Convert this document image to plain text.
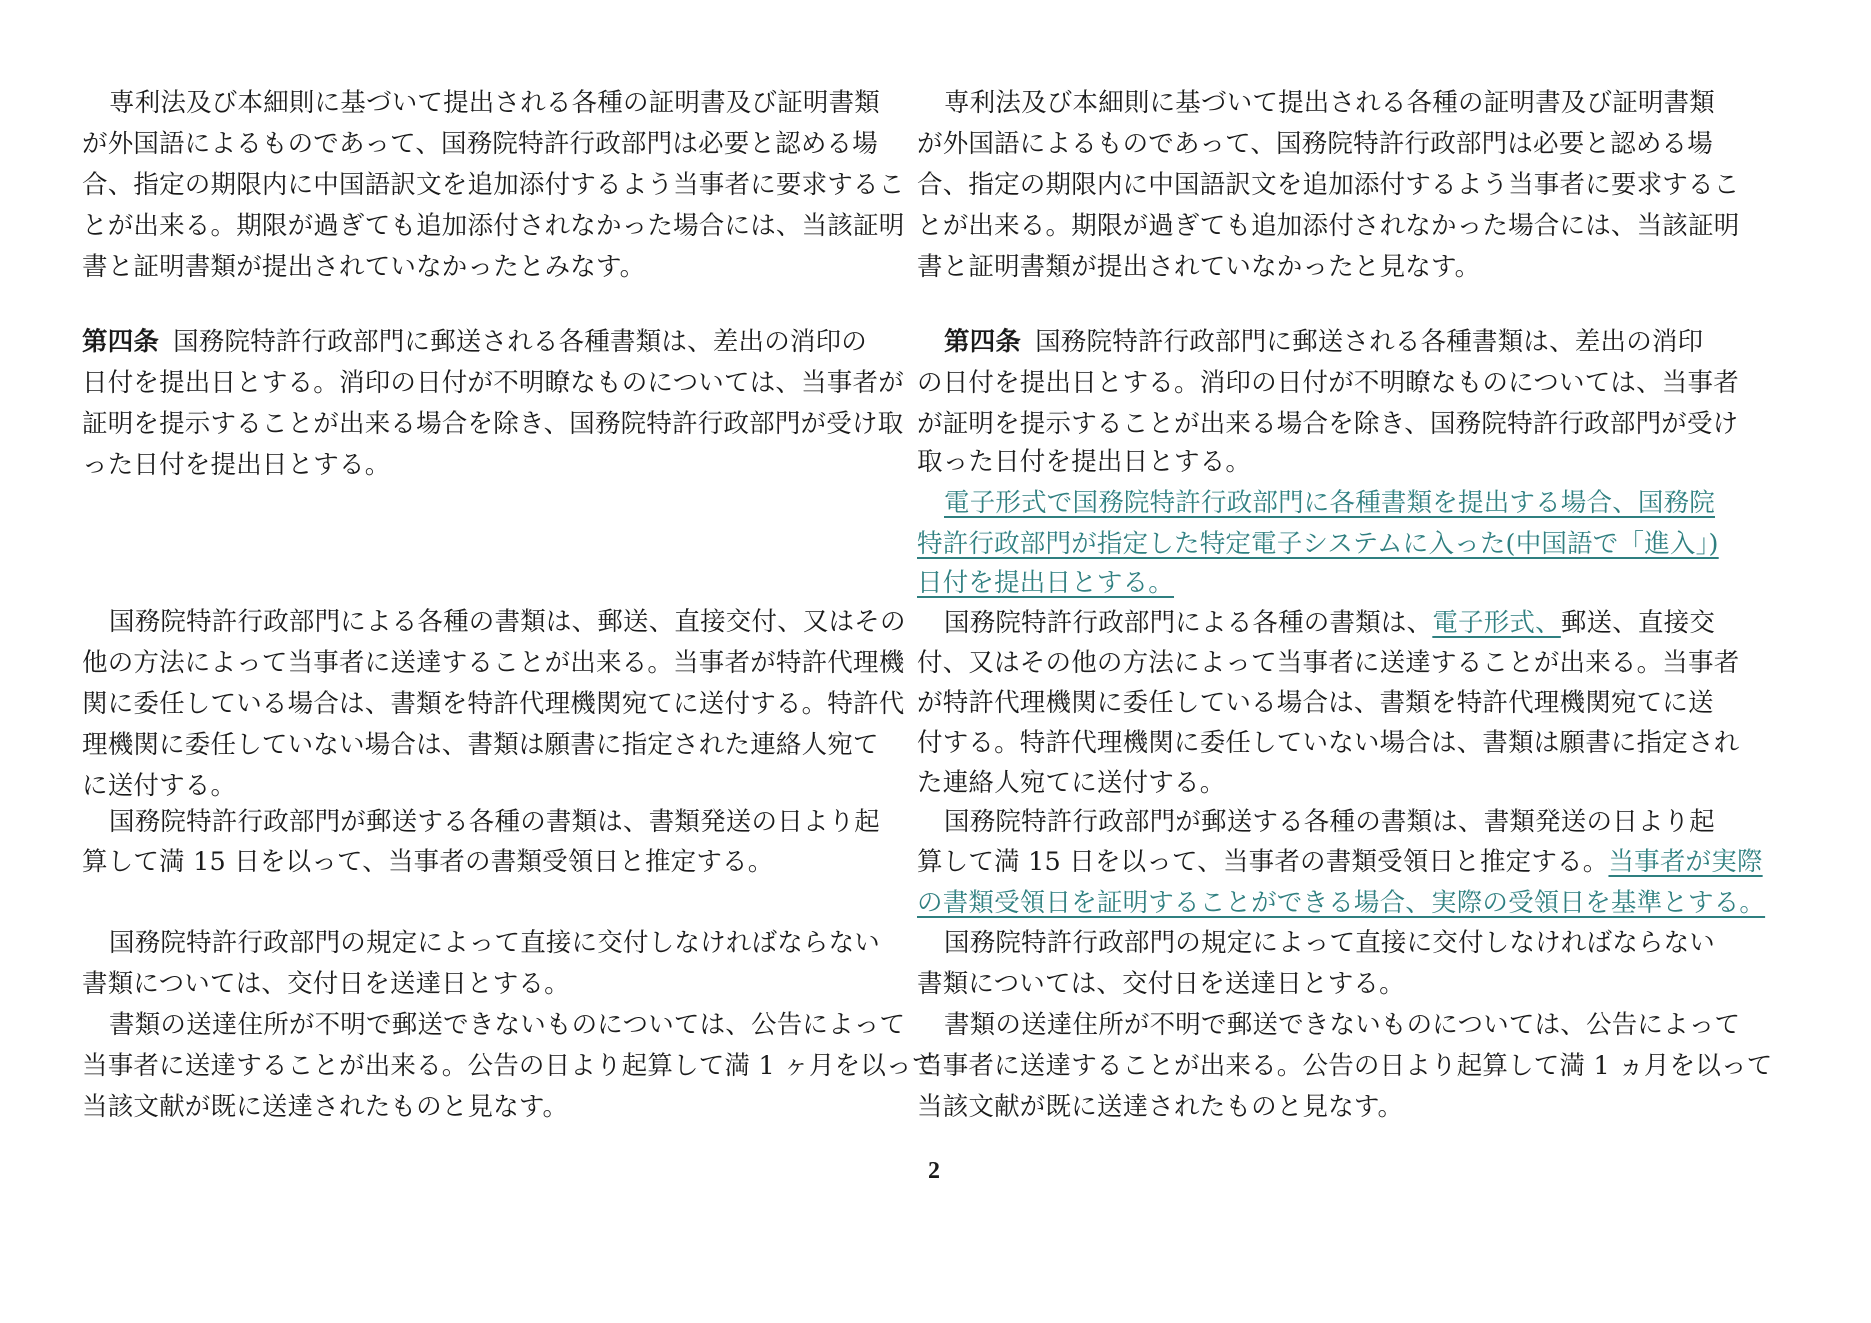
専利法及び本細則に基づいて提出される各種の証明書及び証明書類
が外国語によるものであって、国務院特許行政部門は必要と認める場
合、指定の期限内に中国語訳文を追加添付するよう当事者に要求するこ
とが出来る。期限が過ぎても追加添付されなかった場合には、当該証明
書と証明書類が提出されていなかったとみなす。
第四条 国務院特許行政部門に郵送される各種書類は、差出の消印の
日付を提出日とする。消印の日付が不明瞭なものについては、当事者が
証明を提示することが出来る場合を除き、国務院特許行政部門が受け取
った日付を提出日とする。
国務院特許行政部門による各種の書類は、郵送、直接交付、又はその
他の方法によって当事者に送達することが出来る。当事者が特許代理機
関に委任している場合は、書類を特許代理機関宛てに送付する。特許代
理機関に委任していない場合は、書類は願書に指定された連絡人宛て
に送付する。
国務院特許行政部門が郵送する各種の書類は、書類発送の日より起
算して満 15 日を以って、当事者の書類受領日と推定する。
国務院特許行政部門の規定によって直接に交付しなければならない
書類については、交付日を送達日とする。
書類の送達住所が不明で郵送できないものについては、公告によって
当事者に送達することが出来る。公告の日より起算して満 1 ヶ月を以って
当該文献が既に送達されたものと見なす。
専利法及び本細則に基づいて提出される各種の証明書及び証明書類
が外国語によるものであって、国務院特許行政部門は必要と認める場
合、指定の期限内に中国語訳文を追加添付するよう当事者に要求するこ
とが出来る。期限が過ぎても追加添付されなかった場合には、当該証明
書と証明書類が提出されていなかったと見なす。
第四条 国務院特許行政部門に郵送される各種書類は、差出の消印
の日付を提出日とする。消印の日付が不明瞭なものについては、当事者
が証明を提示することが出来る場合を除き、国務院特許行政部門が受け
取った日付を提出日とする。
電子形式で国務院特許行政部門に各種書類を提出する場合、国務院
特許行政部門が指定した特定電子システムに入った(中国語で「進入」)
日付を提出日とする。
国務院特許行政部門による各種の書類は、電子形式、郵送、直接交
付、又はその他の方法によって当事者に送達することが出来る。当事者
が特許代理機関に委任している場合は、書類を特許代理機関宛てに送
付する。特許代理機関に委任していない場合は、書類は願書に指定され
た連絡人宛てに送付する。
国務院特許行政部門が郵送する各種の書類は、書類発送の日より起
算して満 15 日を以って、当事者の書類受領日と推定する。当事者が実際
の書類受領日を証明することができる場合、実際の受領日を基準とする。
国務院特許行政部門の規定によって直接に交付しなければならない
書類については、交付日を送達日とする。
書類の送達住所が不明で郵送できないものについては、公告によって
当事者に送達することが出来る。公告の日より起算して満 1 ヵ月を以って
当該文献が既に送達されたものと見なす。
2
